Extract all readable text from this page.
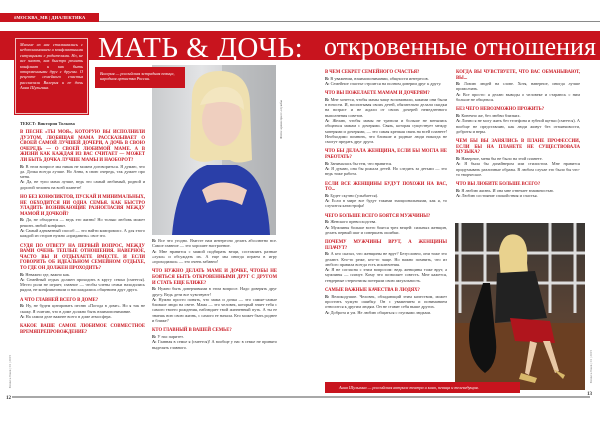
#МОСКВА_МВ | ДИАЛЕКТИКА
МАТЬ & ДОЧЬ: откровенные отношения
Многие из нас сталкивались с недопониманием и конфликтными ситуациями с родителями. Но, не все знают, как быстро решить конфликт и как быть откровенными друг с другом. О рецепте семейного счастья рассказали Валерия и ее дочь Анна Шульгина.
Валерия — российская эстрадная певица, народная артистка России.
Фото: архив пресс-службы
ТЕКСТ: Виктория Толкова
В ПЕСНЕ «ТЫ МОЯ», КОТОРУЮ ВЫ ИСПОЛНИЛИ ДУЭТОМ, ЛЮБЯЩАЯ МАМА РАССКАЗЫВАЕТ О СВОЕЙ САМОЙ ЛУЧШЕЙ ДОЧЕРИ, А ДОЧЬ В СВОЮ ОЧЕРЕДЬ — О СВОЕЙ ЛЮБИМОЙ МАМЕ. А В ЖИЗНИ КАК КАЖДАЯ ИЗ ВАС СЧИТАЕТ — МОЖЕТ ЛИ БЫТЬ ДОЧКА ЛУЧШЕ МАМЫ И НАОБОРОТ?
В: В этом вопросе мы никак не можем договориться. Я думаю, что да. Дочка всегда лучше. Но Анна, в свою очередь, так думает про меня.
А: Да, не тупо мама лучше, ведь это самый любимый, родной и дорогой человек на всей планете!
НО БЕЗ КОНФЛИКТОВ, ПУСКАЙ И МИНИМАЛЬНЫХ, НЕ ОБХОДИТСЯ НИ ОДНА СЕМЬЯ. КАК БЫСТРО УЛАДИТЬ ВОЗНИКАЮЩИЕ РАЗНОГЛАСИЯ МЕЖДУ МАМОЙ И ДОЧКОЙ?
В: Да, не обходится — ведь это жизнь! Но только любовь может решить любой конфликт.
А: Самый адекватный способ — это найти компромисс. А для этого каждой из сторон нужно «придавить» свое эго.
СУДЯ ПО ОТВЕТУ НА ПЕРВЫЙ ВОПРОС, МЕЖДУ ВАМИ ОЧЕНЬ ТЕПЛЫЕ ОТНОШЕНИЯ. НАВЕРНОЕ, ЧАСТО ВЫ И ОТДЫХАЕТЕ ВМЕСТЕ. И ЕСЛИ ГОВОРИТЬ ОБ ИДЕАЛЬНОМ СЕМЕЙНОМ ОТДЫХЕ, ТО ГДЕ ОН ДОЛЖЕН ПРОХОДИТЬ?
В: Неважно где, важно как.
А: Семейный отдых должен проходить в кругу семьи (смеется). Место роли не играет, главное — чтобы члены семьи находились рядом, не конфликтовали и наслаждались общением друг друга.
А ЧТО ГЛАВНЕЙ ВСЕГО В ДОМЕ?
В: Ну, не будем цитировать песню «Погода в доме». Но я так не скажу. Я считаю, что в доме должно быть взаимопонимание.
А: На самом деле важнее всего в доме атмосфера.
КАКОЕ ВАШЕ САМОЕ ЛЮБИМОЕ СОВМЕСТНОЕ ВРЕМЯПРЕПРОВОЖДЕНИЕ?
В: Все что угодно. Вместе нам интересно делать абсолютно все. Самое главное — это хорошее настроение.
А: Мне нравится с мамой подбирать вещи, составлять разные «луки» и обсуждать их. А еще мы иногда играем в игру «проходилки» — это очень забавно!
ЧТО НУЖНО ДЕЛАТЬ МАМЕ И ДОЧКЕ, ЧТОБЫ НЕ БОЯТЬСЯ БЫТЬ ОТКРОВЕННЫМИ ДРУГ С ДРУГОМ И СТАТЬ ЕЩЕ БЛИЖЕ?
В: Нужно быть доверчивыми в этом вопросе. Надо доверять друг другу. Ведь дети все чувствуют!
А: Нужно просто понять, что мама и дочка — это самые-самые близкие люди на свете. Мама — это человек, который знает тебя с самого твоего рождения, наблюдает твой жизненный путь. А ты ее знаешь всю свою жизнь, с самого ее начала. Кто может быть роднее и ближе?
КТО ГЛАВНЫЙ В ВАШЕЙ СЕМЬЕ?
В: У нас паритет.
А: Главная в семье я (смеется)! А вообще у нас в семье не принято выделять главного.
В ЧЕМ СЕКРЕТ СЕМЕЙНОГО СЧАСТЬЯ?
В: В уважении, взаимопонимании, общности интересов.
А: Семейное счастье строится на полном доверии друг к другу.
ЧТО ВЫ ПОЖЕЛАЕТЕ МАМАМ И ДОЧЕРЯМ?
В: Мне хочется, чтобы мамы чаще вспоминали, какими они были в юности. И, воспитывая своих детей, обязательно делали скидки на возраст и не ждали от своих дочерей немедленного выполнения советов.
А: Желаю, чтобы мамы не тратили и больше не менялись общаться мамам с дочерями. Связь, которая существует между матерями и дочерями, — это самая крепкая связь на всей планете! Необходимо помнить, что близкие и родные люди никогда не смогут предать друг друга.
ЧТО БЫ ДЕЛАЛА ЖЕНЩИНА, ЕСЛИ БЫ МОГЛА НЕ РАБОТАТЬ?
В: Занималась бы тем, что нравится.
А: Я думаю, она бы рожала детей. Но следить за детьми — это ведь тоже работа.
ЕСЛИ ВСЕ ЖЕНЩИНЫ БУДУТ ПОХОЖИ НА ВАС, ТО...
В: Будет скучно (улыбается).
А: Если в мире все будут такими эмоциональными, как я, то случится катастрофа!
ЧЕГО БОЛЬШЕ ВСЕГО БОЯТСЯ МУЖЧИНЫ?
В: Женского превосходства.
А: Мужчины больше всего боятся трех вещей: сильных женщин, делать первый шаг и совершать ошибки.
ПОЧЕМУ МУЖЧИНЫ ВРУТ, А ЖЕНЩИНЫ ПЛАЧУТ?
В: А кто сказал, что женщины не врут? Безусловно, они тоже это делают. Кто-то реже, кто-то чаще. Но важно помнить, что из любого правила всегда есть исключения.
А: Я не согласна с этим вопросом: ведь женщины тоже врут, а мужчины — плачут. Кому что позволяет совесть. Мне кажется, гендерные стереотипы потеряли свою актуальность.
САМЫЕ ВАЖНЫЕ КАЧЕСТВА В ЛЮДЯХ?
В: Великодушие. Человек, обладающий этим качеством, может простить чужую ошибку. Он с уважением и пониманием относится к другим людям. Он не ставит себя выше других.
А: Доброта и ум. Не люблю общаться с глупыми людьми.
КОГДА ВЫ ЧУВСТВУЕТЕ, ЧТО ВАС ОБМАНЫВАЮТ, ВЫ...
В: Ловлю людей на слове. Хотя, наверное, иногда лучше промолчать.
А: Все просто: я делаю выводы о человеке и стараюсь с ним больше не общаться.
БЕЗ ЧЕГО НЕВОЗМОЖНО ПРОЖИТЬ?
В: Конечно же, без любви близких.
А: Лично я не могу жить без телефона и зубной щетки (смеется). А вообще не представляю, как люди живут без отзывчивости, доброты и веры.
ЧЕМ БЫ ВЫ ЗАНЯЛИСЬ В ПЛАНЕ ПРОФЕССИИ, ЕСЛИ БЫ НА ПЛАНЕТЕ НЕ СУЩЕСТВОВАЛА МУЗЫКА?
В: Наверное, меня бы не было на этой планете.
А: Я была бы дизайнером или стилистом. Мне нравится придумывать различные образы. В любом случае это было бы что-то творческое.
ЧТО ВЫ ЛЮБИТЕ БОЛЬШЕ ВСЕГО?
В: Я люблю жизнь. И она мне отвечает взаимностью.
А: Люблю состояние спокойствия и счастья.
Анна Шульгина — российская актриса театра и кино, певица и телеведущая.
Moskva Week | 01 | 2015
12
Moskva Week | 01 | 2015
13
